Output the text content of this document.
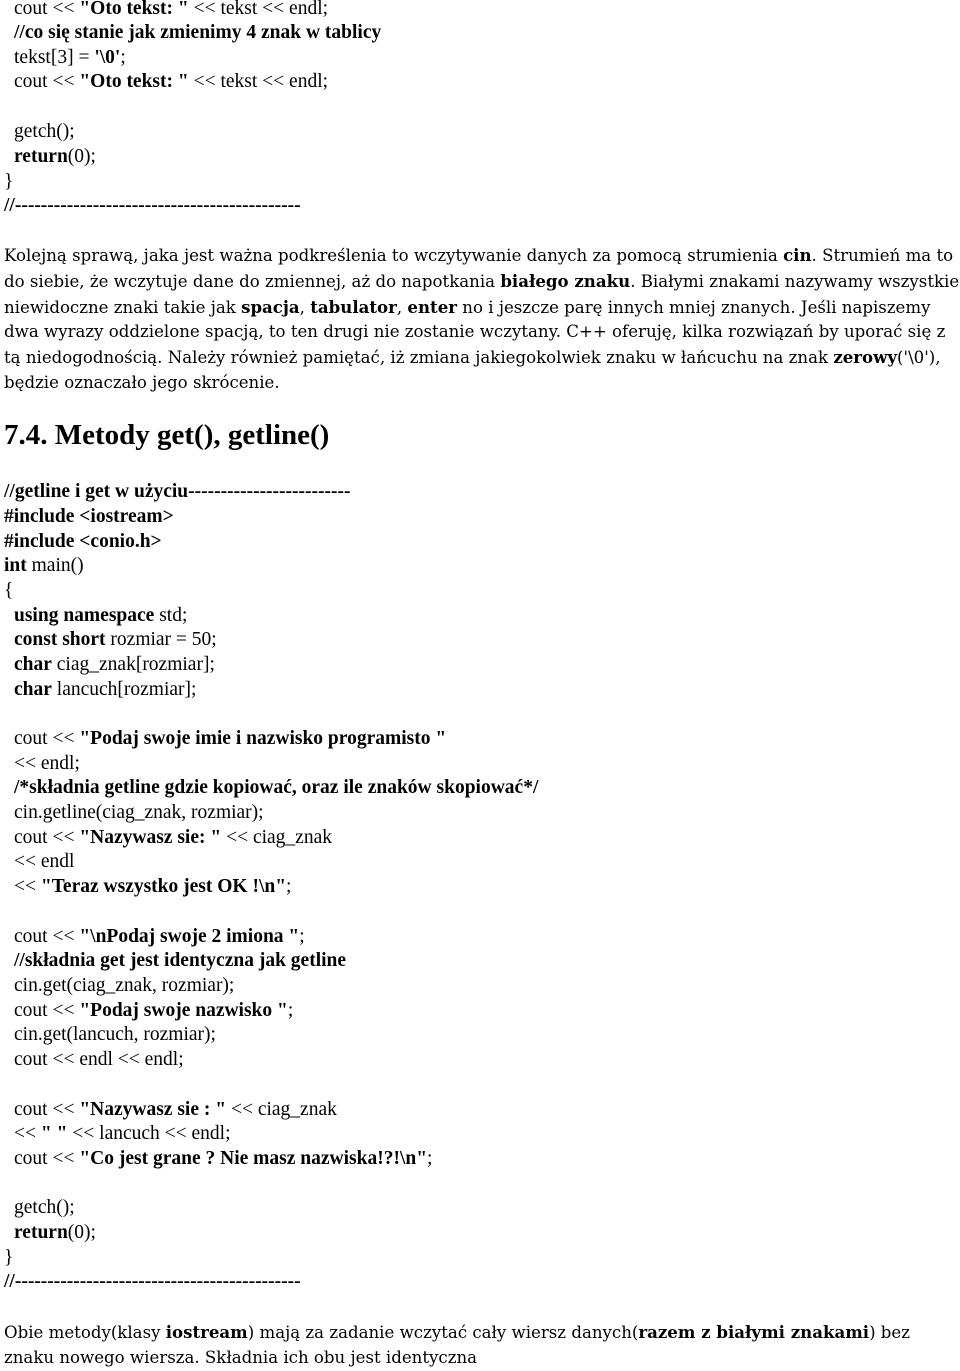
cout << "Oto tekst: " << tekst << endl;
//co się stanie jak zmienimy 4 znak w tablicy
tekst[3] = '\0';
cout << "Oto tekst: " << tekst << endl;
getch();
return(0);
}
//--------------------------------------------

Kolejną sprawą, jaka jest ważna podkreślenia to wczytywanie danych za pomocą strumienia cin. Strumień ma to do siebie, że wczytuje dane do zmiennej, aż do napotkania białego znaku. Białymi znakami nazywamy wszystkie niewidoczne znaki takie jak spacja, tabulator, enter no i jeszcze parę innych mniej znanych. Jeśli napiszemy dwa wyrazy oddzielone spacją, to ten drugi nie zostanie wczytany. C++ oferuję, kilka rozwiązań by uporać się z tą niedogodnością. Należy również pamiętać, iż zmiana jakiegokolwiek znaku w łańcuchu na znak zerowy('\0'), będzie oznaczało jego skrócenie.

7.4. Metody get(), getline()
//getline i get w użyciu-------------------------
#include <iostream>
#include <conio.h>
int main()
{
using namespace std;
const short rozmiar = 50;
char ciag_znak[rozmiar];
char lancuch[rozmiar];
cout << "Podaj swoje imie i nazwisko programisto "
<< endl;
/*składnia getline gdzie kopiować, oraz ile znaków skopiować*/
cin.getline(ciag_znak, rozmiar);
cout << "Nazywasz sie: " << ciag_znak
<< endl
<< "Teraz wszystko jest OK !\n";
cout << "\nPodaj swoje 2 imiona ";
//składnia get jest identyczna jak getline
cin.get(ciag_znak, rozmiar);
cout << "Podaj swoje nazwisko ";
cin.get(lancuch, rozmiar);
cout << endl << endl;
cout << "Nazywasz sie : " << ciag_znak
<< " " << lancuch << endl;
cout << "Co jest grane ? Nie masz nazwiska!?!\n";
getch();
return(0);
}
//--------------------------------------------

Obie metody(klasy iostream) mają za zadanie wczytać cały wiersz danych(razem z białymi znakami) bez znaku nowego wiersza. Składnia ich obu jest identyczna
